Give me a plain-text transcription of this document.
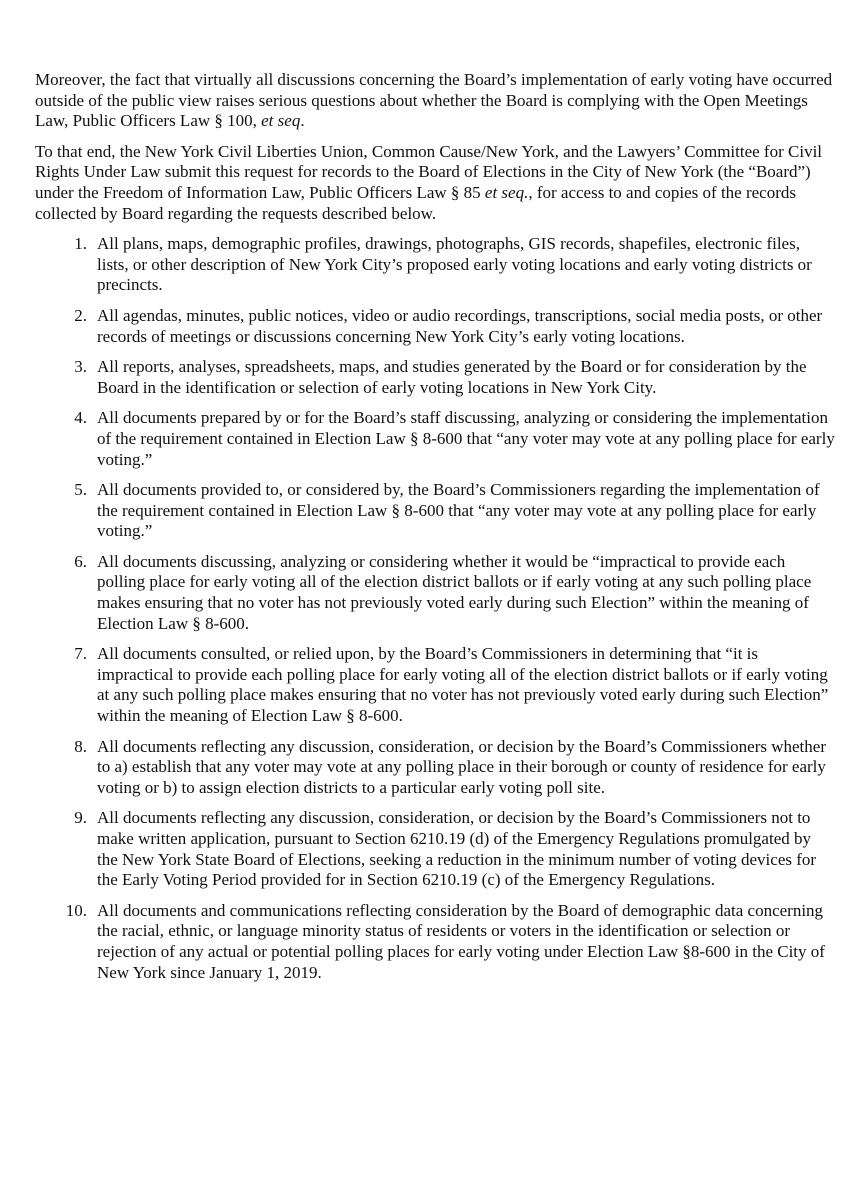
Moreover, the fact that virtually all discussions concerning the Board’s implementation of early voting have occurred outside of the public view raises serious questions about whether the Board is complying with the Open Meetings Law, Public Officers Law § 100, et seq.

To that end, the New York Civil Liberties Union, Common Cause/New York, and the Lawyers’ Committee for Civil Rights Under Law submit this request for records to the Board of Elections in the City of New York (the “Board”) under the Freedom of Information Law, Public Officers Law § 85 et seq., for access to and copies of the records collected by Board regarding the requests described below.

1. All plans, maps, demographic profiles, drawings, photographs, GIS records, shapefiles, electronic files, lists, or other description of New York City’s proposed early voting locations and early voting districts or precincts.
2. All agendas, minutes, public notices, video or audio recordings, transcriptions, social media posts, or other records of meetings or discussions concerning New York City’s early voting locations.
3. All reports, analyses, spreadsheets, maps, and studies generated by the Board or for consideration by the Board in the identification or selection of early voting locations in New York City.
4. All documents prepared by or for the Board’s staff discussing, analyzing or considering the implementation of the requirement contained in Election Law § 8-600 that “any voter may vote at any polling place for early voting.”
5. All documents provided to, or considered by, the Board’s Commissioners regarding the implementation of the requirement contained in Election Law § 8-600 that “any voter may vote at any polling place for early voting.”
6. All documents discussing, analyzing or considering whether it would be “impractical to provide each polling place for early voting all of the election district ballots or if early voting at any such polling place makes ensuring that no voter has not previously voted early during such Election” within the meaning of Election Law § 8-600.
7. All documents consulted, or relied upon, by the Board’s Commissioners in determining that “it is impractical to provide each polling place for early voting all of the election district ballots or if early voting at any such polling place makes ensuring that no voter has not previously voted early during such Election” within the meaning of Election Law § 8-600.
8. All documents reflecting any discussion, consideration, or decision by the Board’s Commissioners whether to a) establish that any voter may vote at any polling place in their borough or county of residence for early voting or b) to assign election districts to a particular early voting poll site.
9. All documents reflecting any discussion, consideration, or decision by the Board’s Commissioners not to make written application, pursuant to Section 6210.19 (d) of the Emergency Regulations promulgated by the New York State Board of Elections, seeking a reduction in the minimum number of voting devices for the Early Voting Period provided for in Section 6210.19 (c) of the Emergency Regulations.
10. All documents and communications reflecting consideration by the Board of demographic data concerning the racial, ethnic, or language minority status of residents or voters in the identification or selection or rejection of any actual or potential polling places for early voting under Election Law §8-600 in the City of New York since January 1, 2019.
